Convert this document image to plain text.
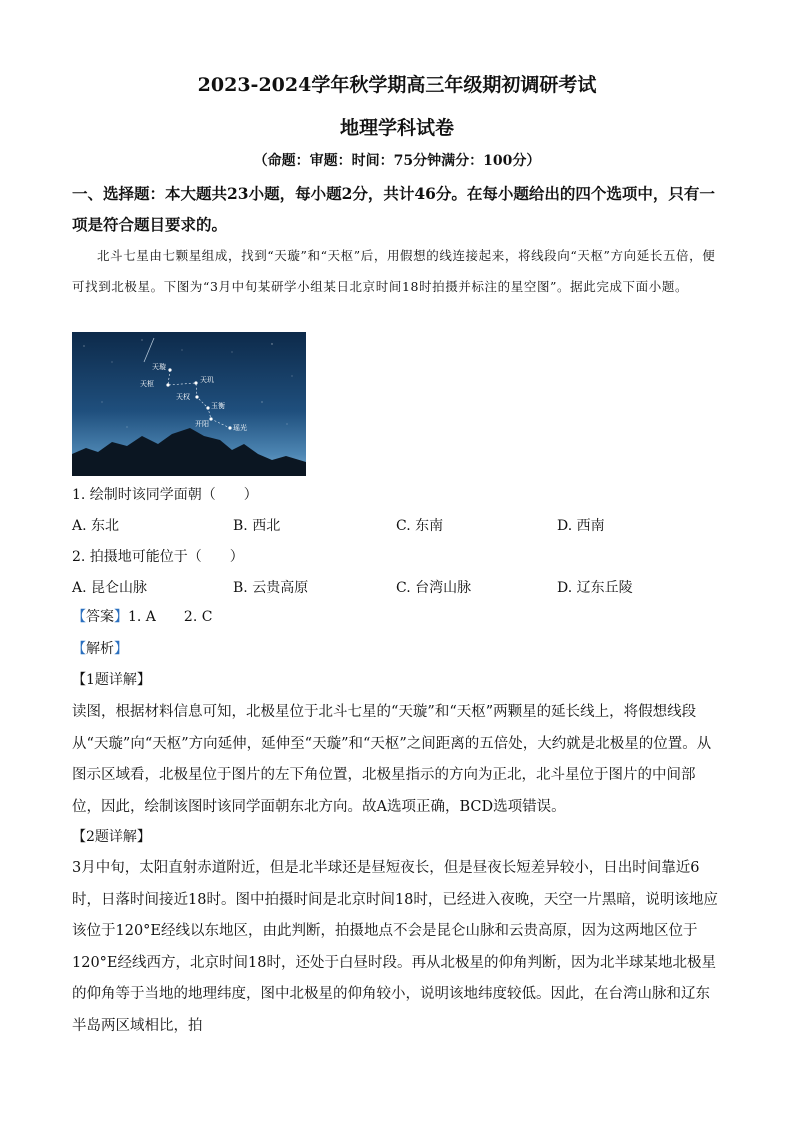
2023-2024学年秋学期高三年级期初调研考试
地理学科试卷
（命题：审题：时间：75分钟满分：100分）
一、选择题：本大题共23小题，每小题2分，共计46分。在每小题给出的四个选项中，只有一项是符合题目要求的。
北斗七星由七颗星组成，找到“天璇”和“天枢”后，用假想的线连接起来，将线段向“天枢”方向延长五倍，便可找到北极星。下图为“3月中旬某研学小组某日北京时间18时拍摄并标注的星空图”。据此完成下面小题。
天璇
天枢	天玑
天权
玉衡
开阳	瑶光
1. 绘制时该同学面朝（　　）
A. 东北	B. 西北	C. 东南	D. 西南
2. 拍摄地可能位于（　　）
A. 昆仑山脉	B. 云贵高原	C. 台湾山脉	D. 辽东丘陵
【答案】1. A　　2. C
【解析】
【1题详解】
读图，根据材料信息可知，北极星位于北斗七星的“天璇”和“天枢”两颗星的延长线上，将假想线段从“天璇”向“天枢”方向延伸，延伸至“天璇”和“天枢”之间距离的五倍处，大约就是北极星的位置。从图示区域看，北极星位于图片的左下角位置，北极星指示的方向为正北，北斗星位于图片的中间部位，因此，绘制该图时该同学面朝东北方向。故A选项正确，BCD选项错误。
【2题详解】
3月中旬，太阳直射赤道附近，但是北半球还是昼短夜长，但是昼夜长短差异较小，日出时间靠近6时，日落时间接近18时。图中拍摄时间是北京时间18时，已经进入夜晚，天空一片黑暗，说明该地应该位于120°E经线以东地区，由此判断，拍摄地点不会是昆仑山脉和云贵高原，因为这两地区位于120°E经线西方，北京时间18时，还处于白昼时段。再从北极星的仰角判断，因为北半球某地北极星的仰角等于当地的地理纬度，图中北极星的仰角较小，说明该地纬度较低。因此，在台湾山脉和辽东半岛两区域相比，拍
